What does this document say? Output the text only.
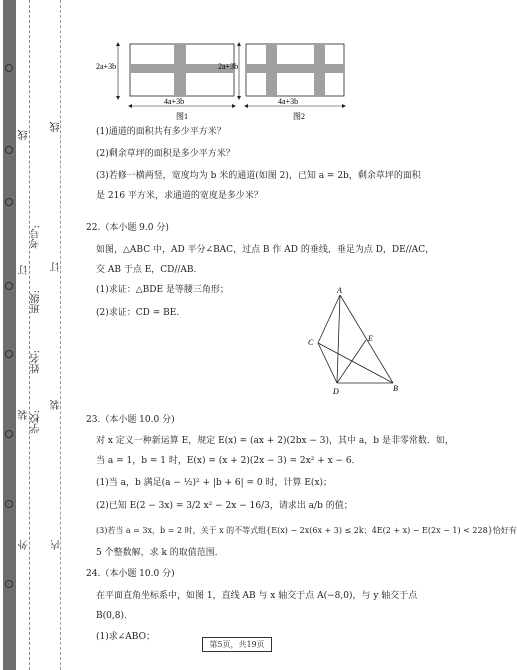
线
订
装
外
学校:
姓名:
班级:
考号:
线
订
装
内
2a+3b
4a+3b
图1
2a+3b
4a+3b
图2
(1)通道的面积共有多少平方米？
(2)剩余草坪的面积是多少平方米？
(3)若修一横两竖，宽度均为 b 米的通道(如图 2)，已知 a = 2b，剩余草坪的面积
是 216 平方米，求通道的宽度是多少米？
22.（本小题 9.0 分)
如图，△ABC 中，AD 平分∠BAC，过点 B 作 AD 的垂线，垂足为点 D，DE//AC，
交 AB 于点 E，CD//AB.
(1)求证：△BDE 是等腰三角形；
(2)求证：CD = BE.
23.（本小题 10.0 分)
对 x 定义一种新运算 E，规定 E(x) = (ax + 2)(2bx − 3)，其中 a，b 是非零常数．如，
当 a = 1，b = 1 时，E(x) = (x + 2)(2x − 3) = 2x² + x − 6．
(1)当 a，b 满足(a − ½)² + |b + 6| = 0 时，计算 E(x)；
(2)已知 E(2 − 3x) = 3/2 x² − 2x − 16/3，请求出 a/b 的值；
(3)若当 a = 3x，b = 2 时，关于 x 的不等式组{E(x) − 2x(6x + 3) ≤ 2k；4E(2 + x) − E(2x − 1) < 228}恰好有
5 个整数解，求 k 的取值范围．
24.（本小题 10.0 分)
在平面直角坐标系中，如图 1，直线 AB 与 x 轴交于点 A(−8,0)，与 y 轴交于点
B(0,8)．
(1)求∠ABO；
A
C	E
D	B
第5页，共19页
